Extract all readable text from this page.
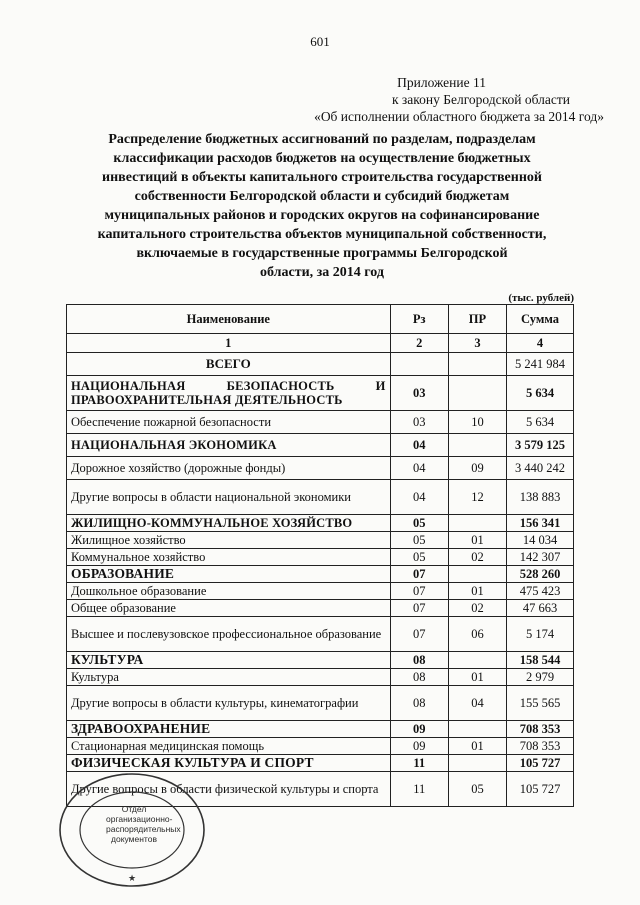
601
Приложение 11
к закону Белгородской области
«Об исполнении областного бюджета за 2014 год»
Распределение бюджетных ассигнований по разделам, подразделам
классификации расходов бюджетов на осуществление бюджетных
инвестиций в объекты капитального строительства государственной
собственности Белгородской области и субсидий бюджетам
муниципальных районов и городских округов на софинансирование
капитального строительства объектов муниципальной собственности,
включаемые в государственные программы Белгородской
области, за 2014 год
(тыс. рублей)
Наименование	Рз	ПР	Сумма
1	2	3	4
ВСЕГО			5 241 984
НАЦИОНАЛЬНАЯ БЕЗОПАСНОСТЬ И ПРАВООХРАНИТЕЛЬНАЯ ДЕЯТЕЛЬНОСТЬ	03		5 634
Обеспечение пожарной безопасности	03	10	5 634
НАЦИОНАЛЬНАЯ ЭКОНОМИКА	04		3 579 125
Дорожное хозяйство (дорожные фонды)	04	09	3 440 242
Другие вопросы в области национальной экономики	04	12	138 883
ЖИЛИЩНО-КОММУНАЛЬНОЕ ХОЗЯЙСТВО	05		156 341
Жилищное хозяйство	05	01	14 034
Коммунальное хозяйство	05	02	142 307
ОБРАЗОВАНИЕ	07		528 260
Дошкольное образование	07	01	475 423
Общее образование	07	02	47 663
Высшее и послевузовское профессиональное образование	07	06	5 174
КУЛЬТУРА	08		158 544
Культура	08	01	2 979
Другие вопросы в области культуры, кинематографии	08	04	155 565
ЗДРАВООХРАНЕНИЕ	09		708 353
Стационарная медицинская помощь	09	01	708 353
ФИЗИЧЕСКАЯ КУЛЬТУРА И СПОРТ	11		105 727
Другие вопросы в области физической культуры и спорта	11	05	105 727
★
Отдел
организационно-
распорядительных
документов
